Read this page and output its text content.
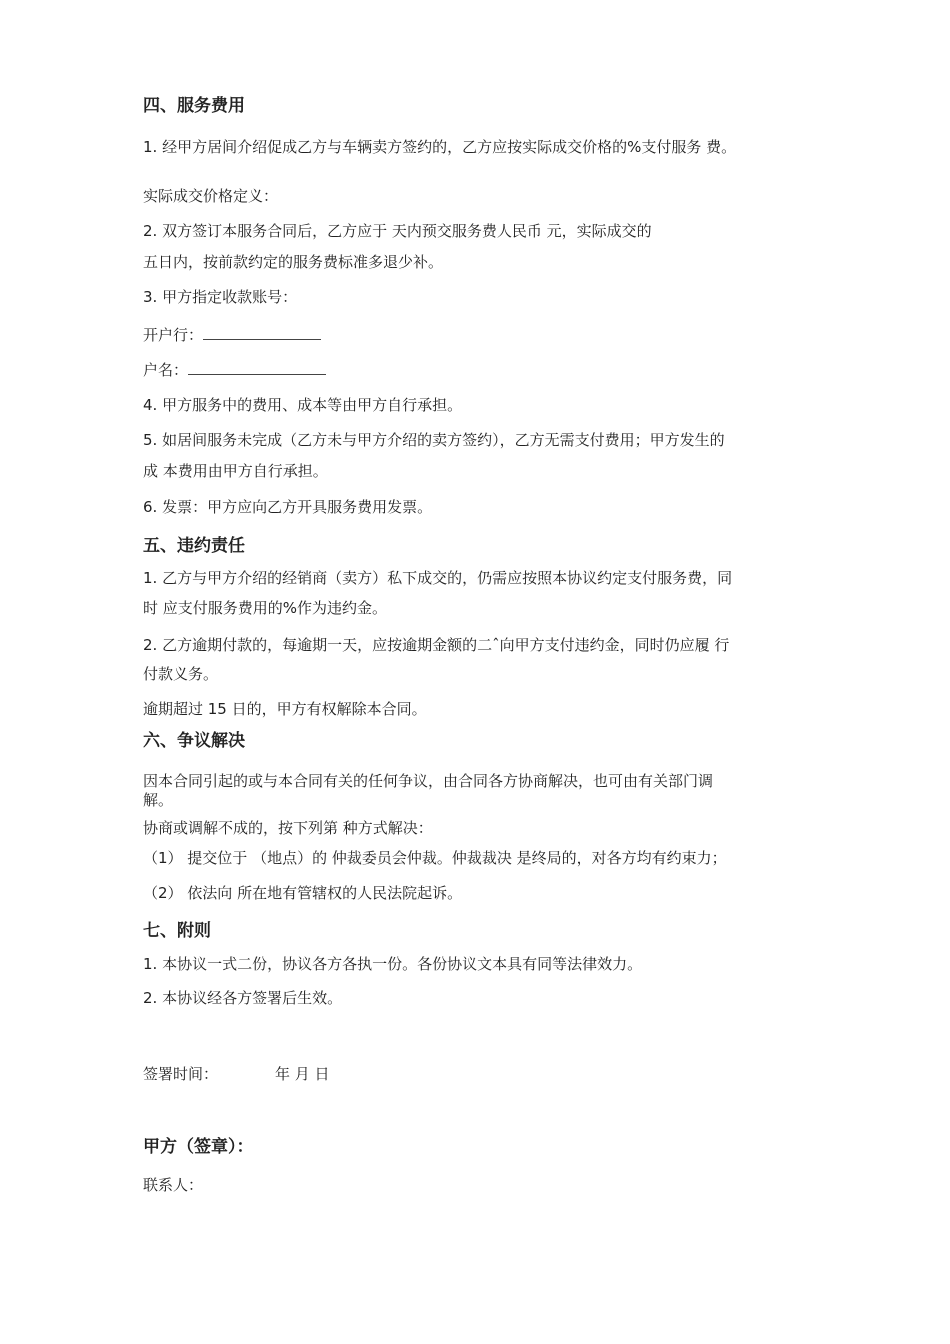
四、服务费用
1. 经甲方居间介绍促成乙方与车辆卖方签约的，乙方应按实际成交价格的%支付服务 费。
实际成交价格定义：
2. 双方签订本服务合同后，乙方应于 天内预交服务费人民币 元，实际成交的
五日内，按前款约定的服务费标准多退少补。
3. 甲方指定收款账号：
开户行：
户名：
4. 甲方服务中的费用、成本等由甲方自行承担。
5. 如居间服务未完成（乙方未与甲方介绍的卖方签约），乙方无需支付费用；甲方发生的
成 本费用由甲方自行承担。
6. 发票：甲方应向乙方开具服务费用发票。
五、违约责任
1. 乙方与甲方介绍的经销商（卖方）私下成交的，仍需应按照本协议约定支付服务费，同
时 应支付服务费用的%作为违约金。
2. 乙方逾期付款的，每逾期一天，应按逾期金额的二ˆ向甲方支付违约金，同时仍应履 行
付款义务。
逾期超过 15 日的，甲方有权解除本合同。
六、争议解决
因本合同引起的或与本合同有关的任何争议，由合同各方协商解决，也可由有关部门调
解。
协商或调解不成的，按下列第 种方式解决：
（1） 提交位于 （地点）的 仲裁委员会仲裁。仲裁裁决 是终局的，对各方均有约束力；
（2） 依法向 所在地有管辖权的人民法院起诉。
七、附则
1. 本协议一式二份，协议各方各执一份。各份协议文本具有同等法律效力。
2. 本协议经各方签署后生效。
签署时间：	年 月 日
甲方（签章）：
联系人：
